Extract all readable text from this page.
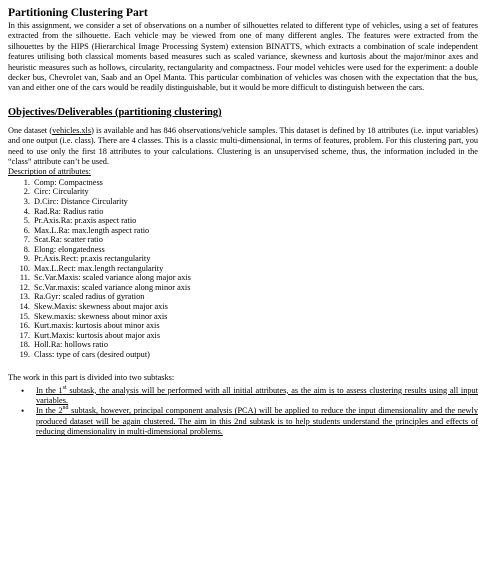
Partitioning Clustering Part

In this assignment, we consider a set of observations on a number of silhouettes related to different type of vehicles, using a set of features extracted from the silhouette. Each vehicle may be viewed from one of many different angles. The features were extracted from the silhouettes by the HIPS (Hierarchical Image Processing System) extension BINATTS, which extracts a combination of scale independent features utilising both classical moments based measures such as scaled variance, skewness and kurtosis about the major/minor axes and heuristic measures such as hollows, circularity, rectangularity and compactness. Four model vehicles were used for the experiment: a double decker bus, Chevrolet van, Saab and an Opel Manta. This particular combination of vehicles was chosen with the expectation that the bus, van and either one of the cars would be readily distinguishable, but it would be more difficult to distinguish between the cars.

Objectives/Deliverables (partitioning clustering)

One dataset (vehicles.xls) is available and has 846 observations/vehicle samples. This dataset is defined by 18 attributes (i.e. input variables) and one output (i.e. class). There are 4 classes. This is a classic multi-dimensional, in terms of features, problem. For this clustering part, you need to use only the first 18 attributes to your calculations. Clustering is an unsupervised scheme, thus, the information included in the “class” attribute can’t be used.

Description of attributes:
1. Comp: Compactness
2. Circ: Circularity
3. D.Circ: Distance Circularity
4. Rad.Ra: Radius ratio
5. Pr.Axis.Ra: pr.axis aspect ratio
6. Max.L.Ra: max.length aspect ratio
7. Scat.Ra: scatter ratio
8. Elong: elongatedness
9. Pr.Axis.Rect: pr.axis rectangularity
10. Max.L.Rect: max.length rectangularity
11. Sc.Var.Maxis: scaled variance along major axis
12. Sc.Var.maxis: scaled variance along minor axis
13. Ra.Gyr: scaled radius of gyration
14. Skew.Maxis: skewness about major axis
15. Skew.maxis: skewness about minor axis
16. Kurt.maxis: kurtosis about minor axis
17. Kurt.Maxis: kurtosis about major axis
18. Holl.Ra: hollows ratio
19. Class: type of cars (desired output)
The work in this part is divided into two subtasks:
• In the 1st subtask, the analysis will be performed with all initial attributes, as the aim is to assess clustering results using all input variables.
• In the 2nd subtask, however, principal component analysis (PCA) will be applied to reduce the input dimensionality and the newly produced dataset will be again clustered. The aim in this 2nd subtask is to help students understand the principles and effects of reducing dimensionality in multi-dimensional problems.
